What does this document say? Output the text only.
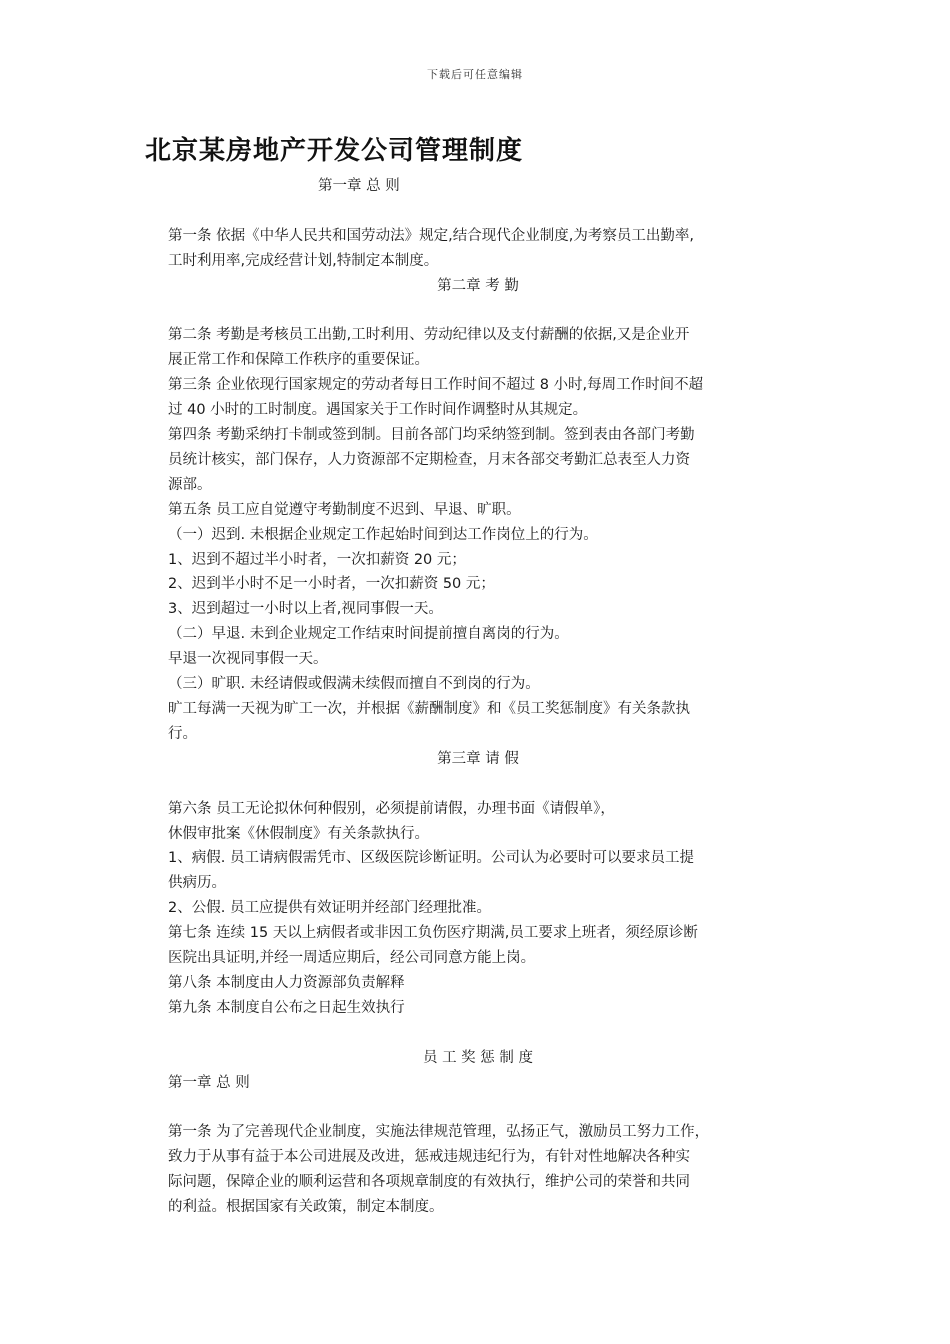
下载后可任意编辑
北京某房地产开发公司管理制度
第一章 总 则
第一条 依据《中华人民共和国劳动法》规定,结合现代企业制度,为考察员工出勤率,
工时利用率,完成经营计划,特制定本制度。
第二章 考 勤
第二条 考勤是考核员工出勤,工时利用、劳动纪律以及支付薪酬的依据,又是企业开
展正常工作和保障工作秩序的重要保证。
第三条 企业依现行国家规定的劳动者每日工作时间不超过 8 小时,每周工作时间不超
过 40 小时的工时制度。遇国家关于工作时间作调整时从其规定。
第四条 考勤采纳打卡制或签到制。目前各部门均采纳签到制。签到表由各部门考勤
员统计核实，部门保存，人力资源部不定期检查，月末各部交考勤汇总表至人力资
源部。
第五条 员工应自觉遵守考勤制度不迟到、早退、旷职。
（一）迟到. 未根据企业规定工作起始时间到达工作岗位上的行为。
1、迟到不超过半小时者，一次扣薪资 20 元；
2、迟到半小时不足一小时者，一次扣薪资 50 元；
3、迟到超过一小时以上者,视同事假一天。
（二）早退. 未到企业规定工作结束时间提前擅自离岗的行为。
早退一次视同事假一天。
（三）旷职. 未经请假或假满未续假而擅自不到岗的行为。
旷工每满一天视为旷工一次，并根据《薪酬制度》和《员工奖惩制度》有关条款执
行。
第三章 请 假
第六条 员工无论拟休何种假别，必须提前请假，办理书面《请假单》，
休假审批案《休假制度》有关条款执行。
1、病假. 员工请病假需凭市、区级医院诊断证明。公司认为必要时可以要求员工提
供病历。
2、公假. 员工应提供有效证明并经部门经理批准。
第七条 连续 15 天以上病假者或非因工负伤医疗期满,员工要求上班者，须经原诊断
医院出具证明,并经一周适应期后，经公司同意方能上岗。
第八条 本制度由人力资源部负责解释
第九条 本制度自公布之日起生效执行
员 工 奖 惩 制 度
第一章 总 则
第一条 为了完善现代企业制度，实施法律规范管理，弘扬正气，激励员工努力工作，
致力于从事有益于本公司进展及改进，惩戒违规违纪行为，有针对性地解决各种实
际问题，保障企业的顺利运营和各项规章制度的有效执行，维护公司的荣誉和共同
的利益。根据国家有关政策，制定本制度。
